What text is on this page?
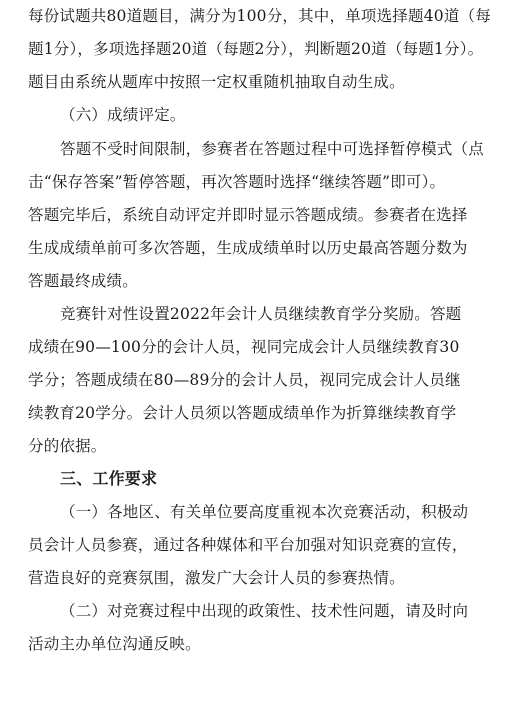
每份试题共80道题目，满分为100分，其中，单项选择题40道（每
题1分），多项选择题20道（每题2分），判断题20道（每题1分）。
题目由系统从题库中按照一定权重随机抽取自动生成。
（六）成绩评定。
答题不受时间限制，参赛者在答题过程中可选择暂停模式（点
击“保存答案”暂停答题，再次答题时选择“继续答题”即可）。
答题完毕后，系统自动评定并即时显示答题成绩。参赛者在选择
生成成绩单前可多次答题，生成成绩单时以历史最高答题分数为
答题最终成绩。
竞赛针对性设置2022年会计人员继续教育学分奖励。答题
成绩在90—100分的会计人员，视同完成会计人员继续教育30
学分；答题成绩在80—89分的会计人员，视同完成会计人员继
续教育20学分。会计人员须以答题成绩单作为折算继续教育学
分的依据。
三、工作要求
（一）各地区、有关单位要高度重视本次竞赛活动，积极动
员会计人员参赛，通过各种媒体和平台加强对知识竞赛的宣传，
营造良好的竞赛氛围，激发广大会计人员的参赛热情。
（二）对竞赛过程中出现的政策性、技术性问题，请及时向
活动主办单位沟通反映。
